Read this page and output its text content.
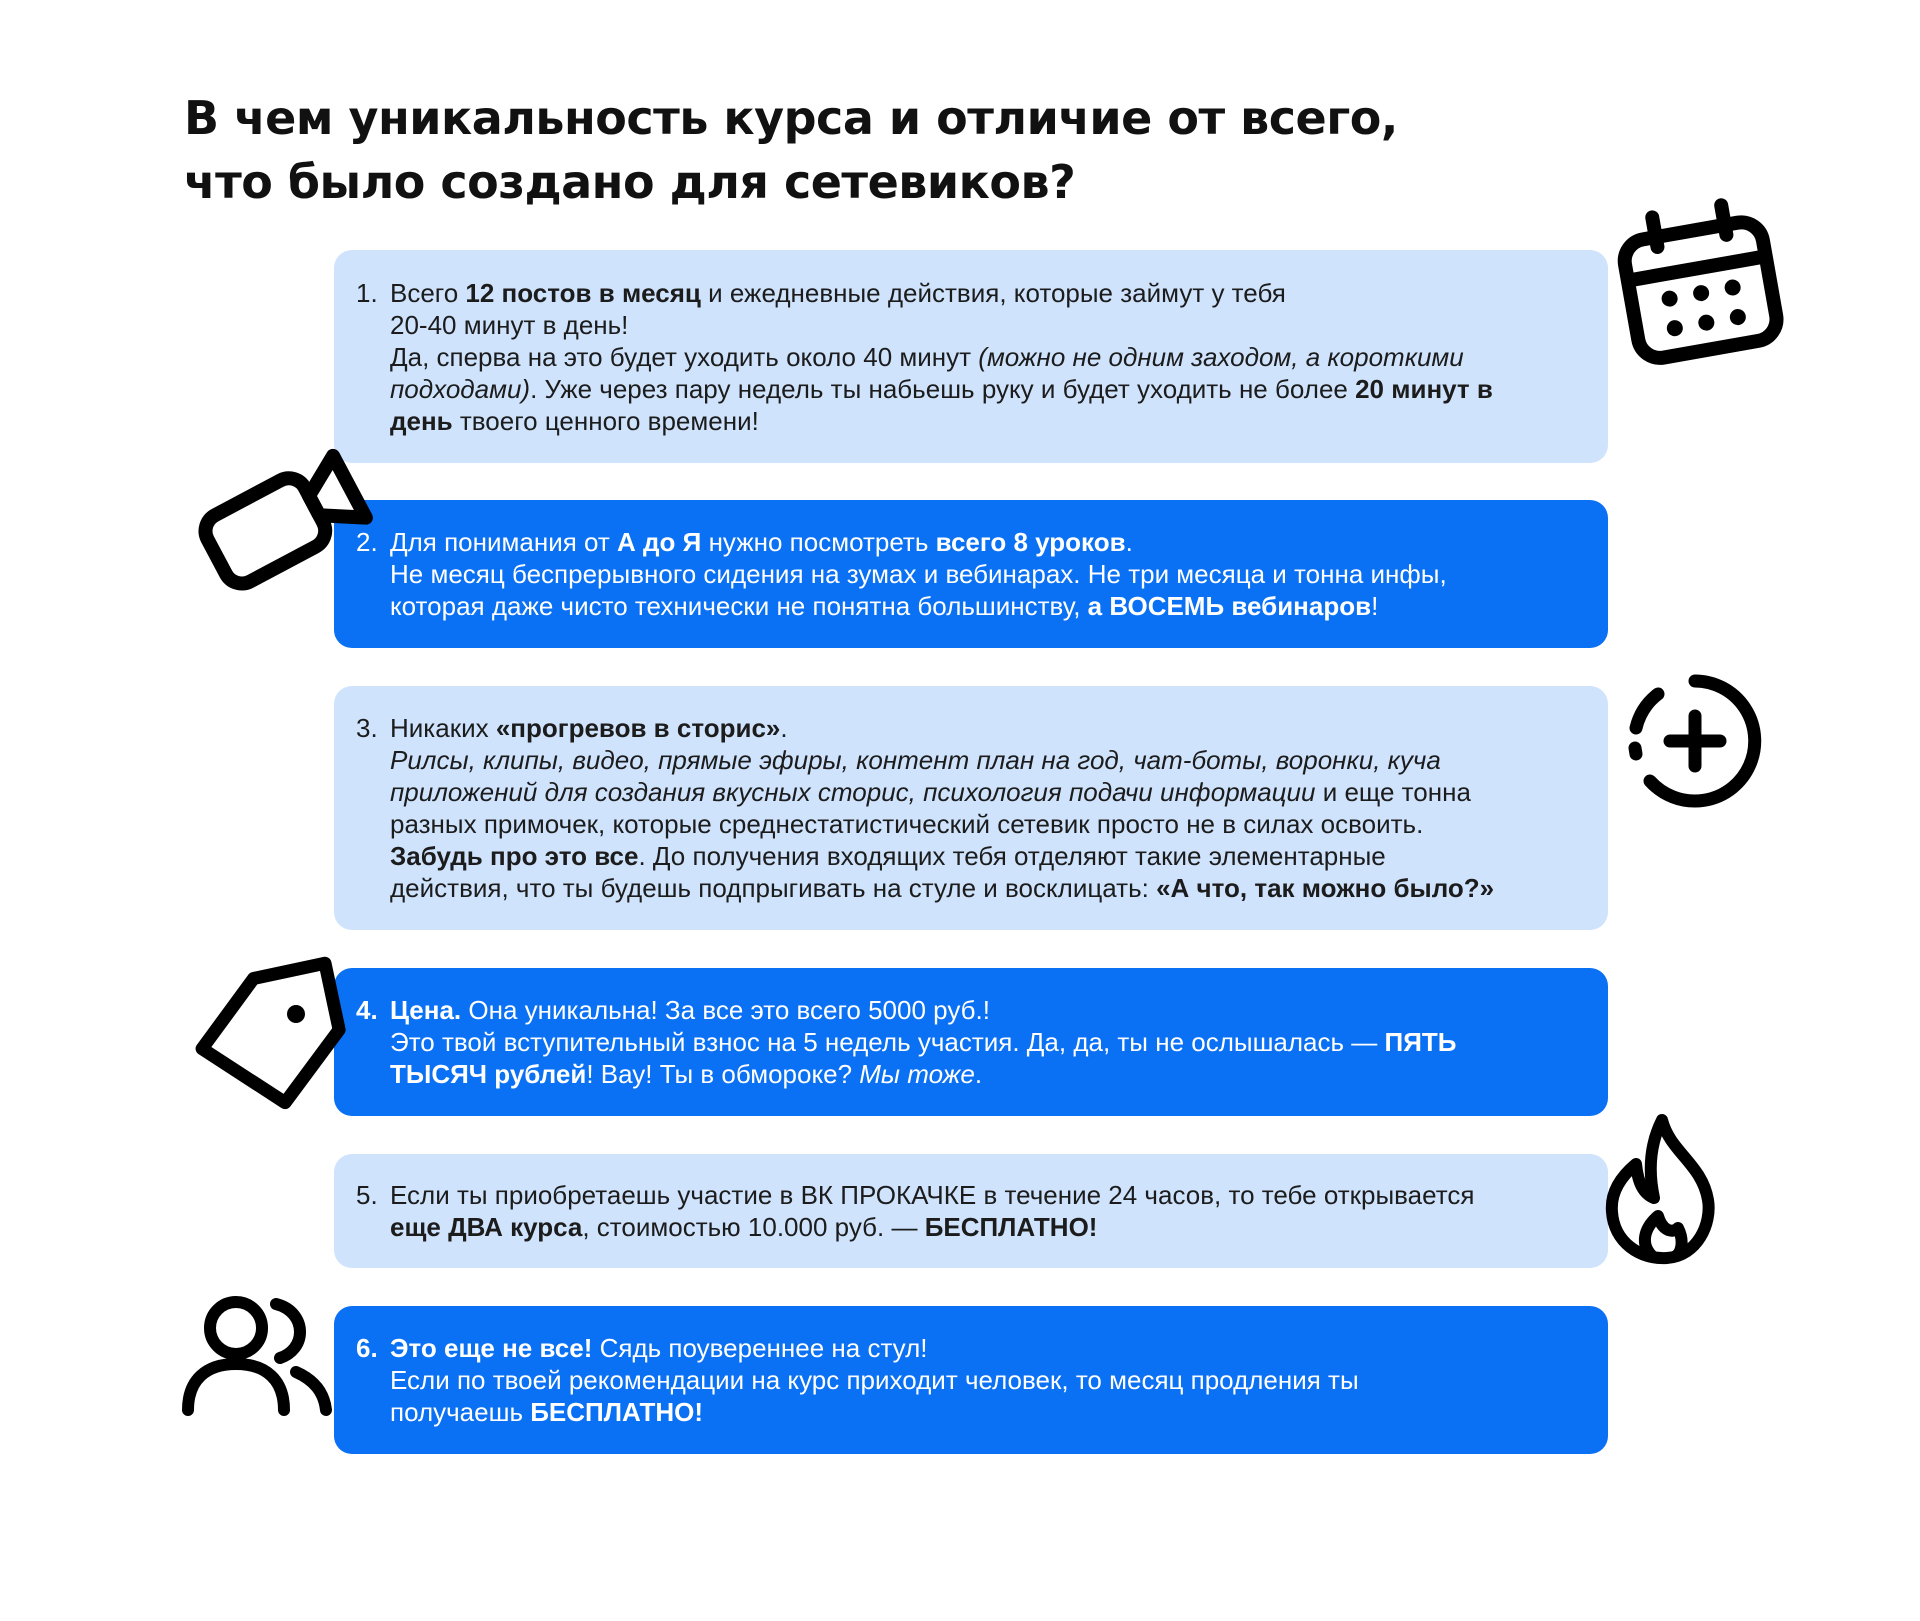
В чем уникальность курса и отличие от всего,
что было создано для сетевиков?
1. Всего 12 постов в месяц и ежедневные действия, которые займут у тебя
20-40 минут в день!
Да, сперва на это будет уходить около 40 минут (можно не одним заходом, а короткими
подходами). Уже через пару недель ты набьешь руку и будет уходить не более 20 минут в
день твоего ценного времени!
2. Для понимания от А до Я нужно посмотреть всего 8 уроков.
Не месяц беспрерывного сидения на зумах и вебинарах. Не три месяца и тонна инфы,
которая даже чисто технически не понятна большинству, а ВОСЕМЬ вебинаров!
3. Никаких «прогревов в сторис».
Рилсы, клипы, видео, прямые эфиры, контент план на год, чат-боты, воронки, куча
приложений для создания вкусных сторис, психология подачи информации и еще тонна
разных примочек, которые среднестатистический сетевик просто не в силах освоить.
Забудь про это все. До получения входящих тебя отделяют такие элементарные
действия, что ты будешь подпрыгивать на стуле и восклицать: «А что, так можно было?»
4. Цена. Она уникальна! За все это всего 5000 руб.!
Это твой вступительный взнос на 5 недель участия. Да, да, ты не ослышалась — ПЯТЬ
ТЫСЯЧ рублей! Вау! Ты в обмороке? Мы тоже.
5. Если ты приобретаешь участие в ВК ПРОКАЧКЕ в течение 24 часов, то тебе открывается
еще ДВА курса, стоимостью 10.000 руб. — БЕСПЛАТНО!
6. Это еще не все! Сядь поувереннее на стул!
Если по твоей рекомендации на курс приходит человек, то месяц продления ты
получаешь БЕСПЛАТНО!
